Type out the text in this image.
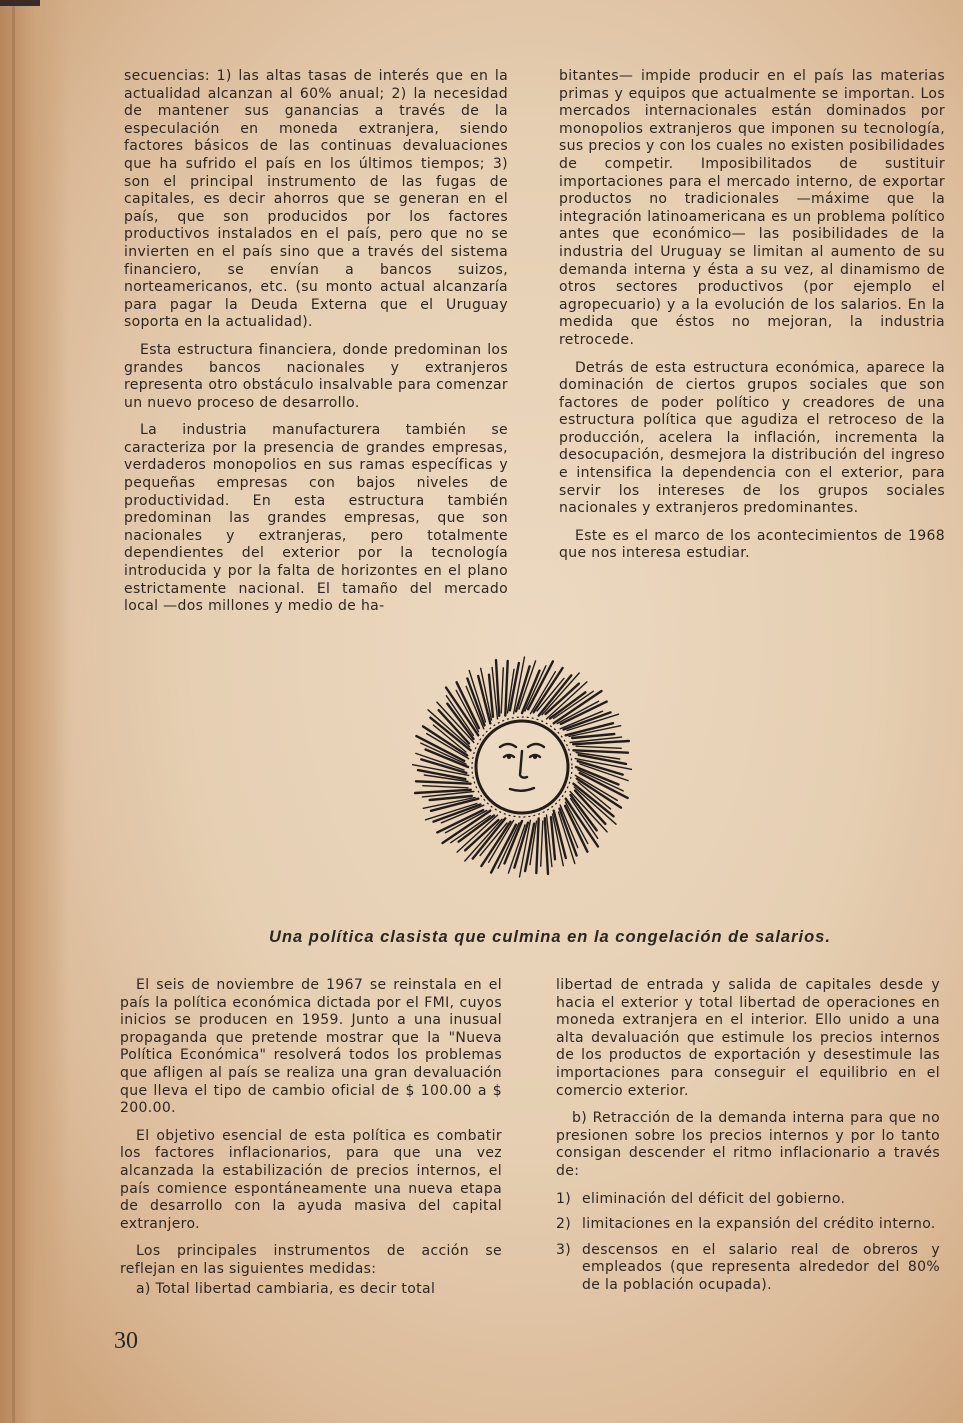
secuencias: 1) las altas tasas de interés que en la actualidad alcanzan al 60% anual; 2) la necesidad de mantener sus ganancias a través de la especulación en moneda extranjera, siendo factores básicos de las continuas devaluaciones que ha sufrido el país en los últimos tiempos; 3) son el principal instrumento de las fugas de capitales, es decir ahorros que se generan en el país, que son producidos por los factores productivos instalados en el país, pero que no se invierten en el país sino que a través del sistema financiero, se envían a bancos suizos, norteamericanos, etc. (su monto actual alcanzaría para pagar la Deuda Externa que el Uruguay soporta en la actualidad).

Esta estructura financiera, donde predominan los grandes bancos nacionales y extranjeros representa otro obstáculo insalvable para comenzar un nuevo proceso de desarrollo.

La industria manufacturera también se caracteriza por la presencia de grandes empresas, verdaderos monopolios en sus ramas específicas y pequeñas empresas con bajos niveles de productividad. En esta estructura también predominan las grandes empresas, que son nacionales y extranjeras, pero totalmente dependientes del exterior por la tecnología introducida y por la falta de horizontes en el plano estrictamente nacional. El tamaño del mercado local —dos millones y medio de ha-

bitantes— impide producir en el país las materias primas y equipos que actualmente se importan. Los mercados internacionales están dominados por monopolios extranjeros que imponen su tecnología, sus precios y con los cuales no existen posibilidades de competir. Imposibilitados de sustituir importaciones para el mercado interno, de exportar productos no tradicionales —máxime que la integración latinoamericana es un problema político antes que económico— las posibilidades de la industria del Uruguay se limitan al aumento de su demanda interna y ésta a su vez, al dinamismo de otros sectores productivos (por ejemplo el agropecuario) y a la evolución de los salarios. En la medida que éstos no mejoran, la industria retrocede.

Detrás de esta estructura económica, aparece la dominación de ciertos grupos sociales que son factores de poder político y creadores de una estructura política que agudiza el retroceso de la producción, acelera la inflación, incrementa la desocupación, desmejora la distribución del ingreso e intensifica la dependencia con el exterior, para servir los intereses de los grupos sociales nacionales y extranjeros predominantes.

Este es el marco de los acontecimientos de 1968 que nos interesa estudiar.

Una política clasista que culmina en la congelación de salarios.

El seis de noviembre de 1967 se reinstala en el país la política económica dictada por el FMI, cuyos inicios se producen en 1959. Junto a una inusual propaganda que pretende mostrar que la "Nueva Política Económica" resolverá todos los problemas que afligen al país se realiza una gran devaluación que lleva el tipo de cambio oficial de $ 100.00 a $ 200.00.

El objetivo esencial de esta política es combatir los factores inflacionarios, para que una vez alcanzada la estabilización de precios internos, el país comience espontáneamente una nueva etapa de desarrollo con la ayuda masiva del capital extranjero.

Los principales instrumentos de acción se reflejan en las siguientes medidas:

a) Total libertad cambiaria, es decir total

libertad de entrada y salida de capitales desde y hacia el exterior y total libertad de operaciones en moneda extranjera en el interior. Ello unido a una alta devaluación que estimule los precios internos de los productos de exportación y desestimule las importaciones para conseguir el equilibrio en el comercio exterior.

b) Retracción de la demanda interna para que no presionen sobre los precios internos y por lo tanto consigan descender el ritmo inflacionario a través de:

1) eliminación del déficit del gobierno.
2) limitaciones en la expansión del crédito interno.
3) descensos en el salario real de obreros y empleados (que representa alrededor del 80% de la población ocupada).
30
